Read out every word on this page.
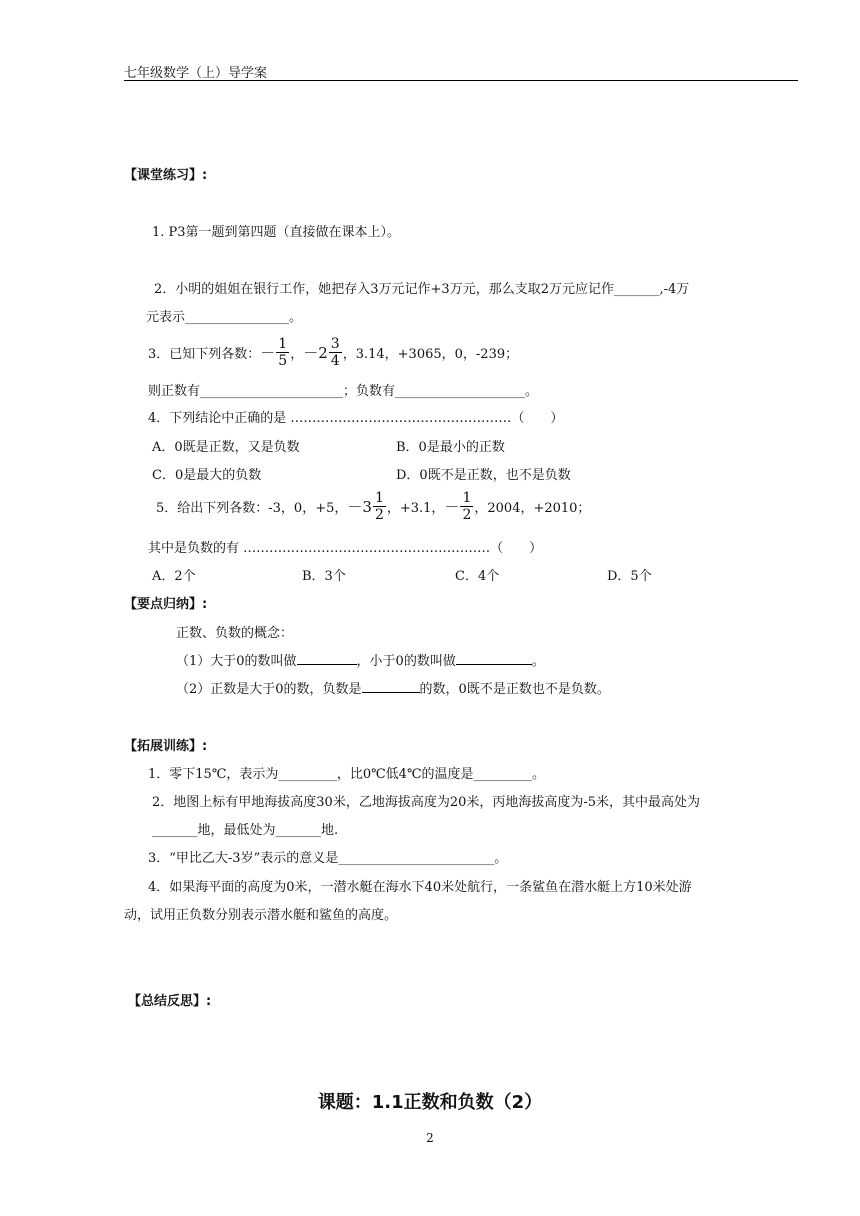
七年级数学（上）导学案
【课堂练习】:
1. P3第一题到第四题（直接做在课本上）。
2．小明的姐姐在银行工作，她把存入3万元记作+3万元，那么支取2万元应记作_______,-4万
元表示________________。
3．已知下列各数： － $\frac{1}{5}$ ， － $2 \frac{3}{4}$ ，3.14，+3065，0，-239；
则正数有______________________；负数有____________________。
4．下列结论中正确的是 ……………………………………………（　　）
A．0既是正数，又是负数	B．0是最小的正数
C．0是最大的负数	D．0既不是正数，也不是负数
5．给出下列各数：-3，0，+5， － $3 \frac{1}{2}$ ，+3.1， － $\frac{1}{2}$ ，2004，+2010；
其中是负数的有 …………………………………………………（　　）
A．2个	B．3个	C．4个	D．5个
【要点归纳】:
正数、负数的概念：
（1）大于0的数叫做	，小于0的数叫做	。
（2）正数是大于0的数，负数是	的数，0既不是正数也不是负数。
【拓展训练】:
1．零下15℃，表示为_________，比0℃低4℃的温度是_________。
2．地图上标有甲地海拔高度30米，乙地海拔高度为20米，丙地海拔高度为-5米，其中最高处为
_______地，最低处为_______地.
3．“甲比乙大-3岁”表示的意义是________________________。
4．如果海平面的高度为0米，一潜水艇在海水下40米处航行，一条鲨鱼在潜水艇上方10米处游
动，试用正负数分别表示潜水艇和鲨鱼的高度。
【总结反思】:
课题：1.1正数和负数（2）
2
